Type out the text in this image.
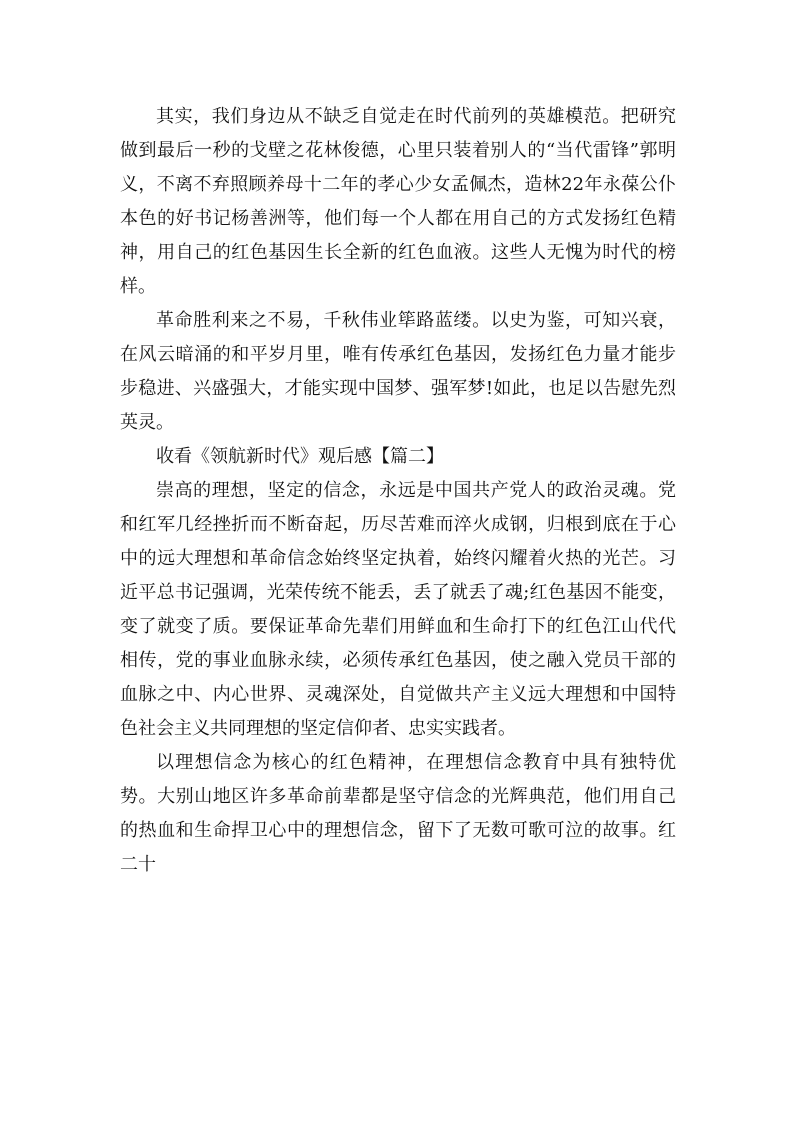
其实，我们身边从不缺乏自觉走在时代前列的英雄模范。把研究做到最后一秒的戈壁之花林俊德，心里只装着别人的“当代雷锋”郭明义，不离不弃照顾养母十二年的孝心少女孟佩杰，造林22年永葆公仆本色的好书记杨善洲等，他们每一个人都在用自己的方式发扬红色精神，用自己的红色基因生长全新的红色血液。这些人无愧为时代的榜样。

革命胜利来之不易，千秋伟业筚路蓝缕。以史为鉴，可知兴衰，在风云暗涌的和平岁月里，唯有传承红色基因，发扬红色力量才能步步稳进、兴盛强大，才能实现中国梦、强军梦!如此，也足以告慰先烈英灵。

收看《领航新时代》观后感【篇二】

崇高的理想，坚定的信念，永远是中国共产党人的政治灵魂。党和红军几经挫折而不断奋起，历尽苦难而淬火成钢，归根到底在于心中的远大理想和革命信念始终坚定执着，始终闪耀着火热的光芒。习近平总书记强调，光荣传统不能丢，丢了就丢了魂;红色基因不能变，变了就变了质。要保证革命先辈们用鲜血和生命打下的红色江山代代相传，党的事业血脉永续，必须传承红色基因，使之融入党员干部的血脉之中、内心世界、灵魂深处，自觉做共产主义远大理想和中国特色社会主义共同理想的坚定信仰者、忠实实践者。

以理想信念为核心的红色精神，在理想信念教育中具有独特优势。大别山地区许多革命前辈都是坚守信念的光辉典范，他们用自己的热血和生命捍卫心中的理想信念，留下了无数可歌可泣的故事。红二十
